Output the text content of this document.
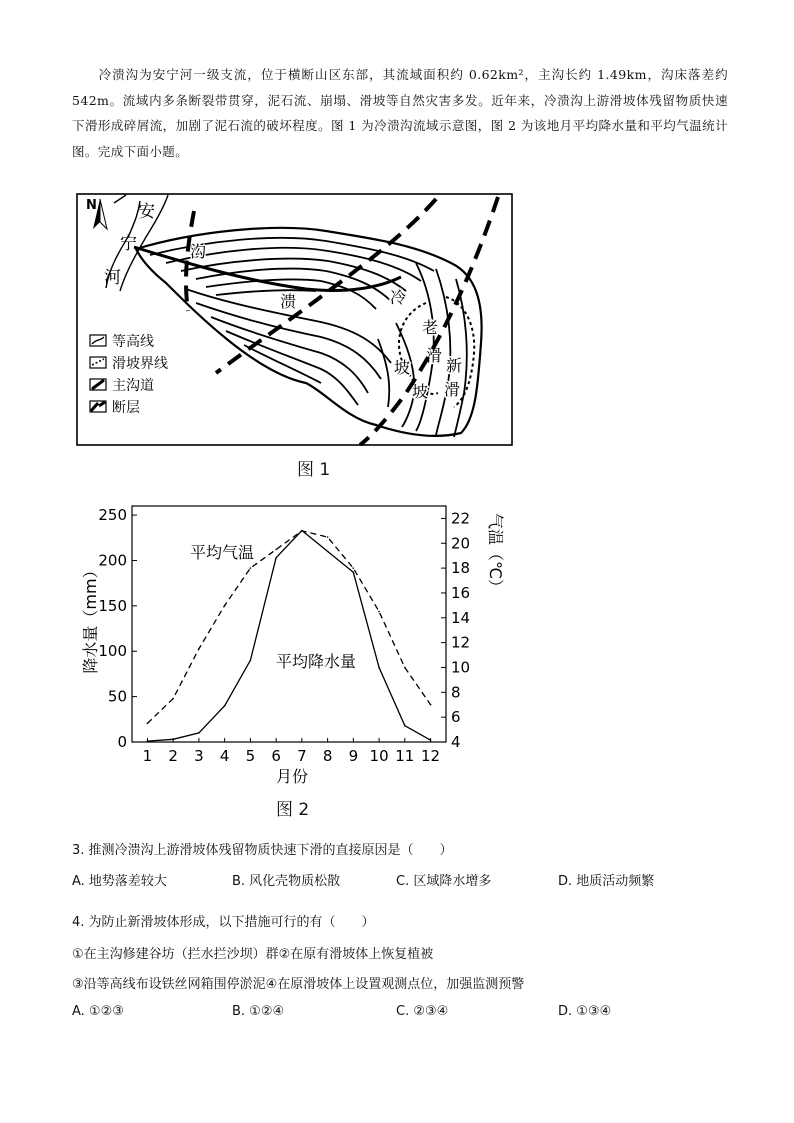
冷溃沟为安宁河一级支流，位于横断山区东部，其流域面积约 0.62km²，主沟长约 1.49km，沟床落差约 542m。流域内多条断裂带贯穿，泥石流、崩塌、滑坡等自然灾害多发。近年来，冷溃沟上游滑坡体残留物质快速下滑形成碎屑流，加剧了泥石流的破坏程度。图 1 为冷溃沟流域示意图，图 2 为该地月平均降水量和平均气温统计图。完成下面小题。
N 安
宁
河
沟
溃	冷
老
滑
坡 新
滑
坡
等高线
滑坡界线
主沟道
断层
图 1
0
50
100
150
200
250
4
6
8
10
12
14
16
18
20
22
1 2 3 4 5 6 7 8 9 10 11 12
降水量（mm）
气温（℃）
月份
平均气温
平均降水量
图 2
3. 推测冷溃沟上游滑坡体残留物质快速下滑的直接原因是（　　）
A. 地势落差较大	B. 风化壳物质松散	C. 区域降水增多	D. 地质活动频繁
4. 为防止新滑坡体形成，以下措施可行的有（　　）
①在主沟修建谷坊（拦水拦沙坝）群②在原有滑坡体上恢复植被
③沿等高线布设铁丝网箱围停淤泥④在原滑坡体上设置观测点位，加强监测预警
A. ①②③	B. ①②④	C. ②③④	D. ①③④
